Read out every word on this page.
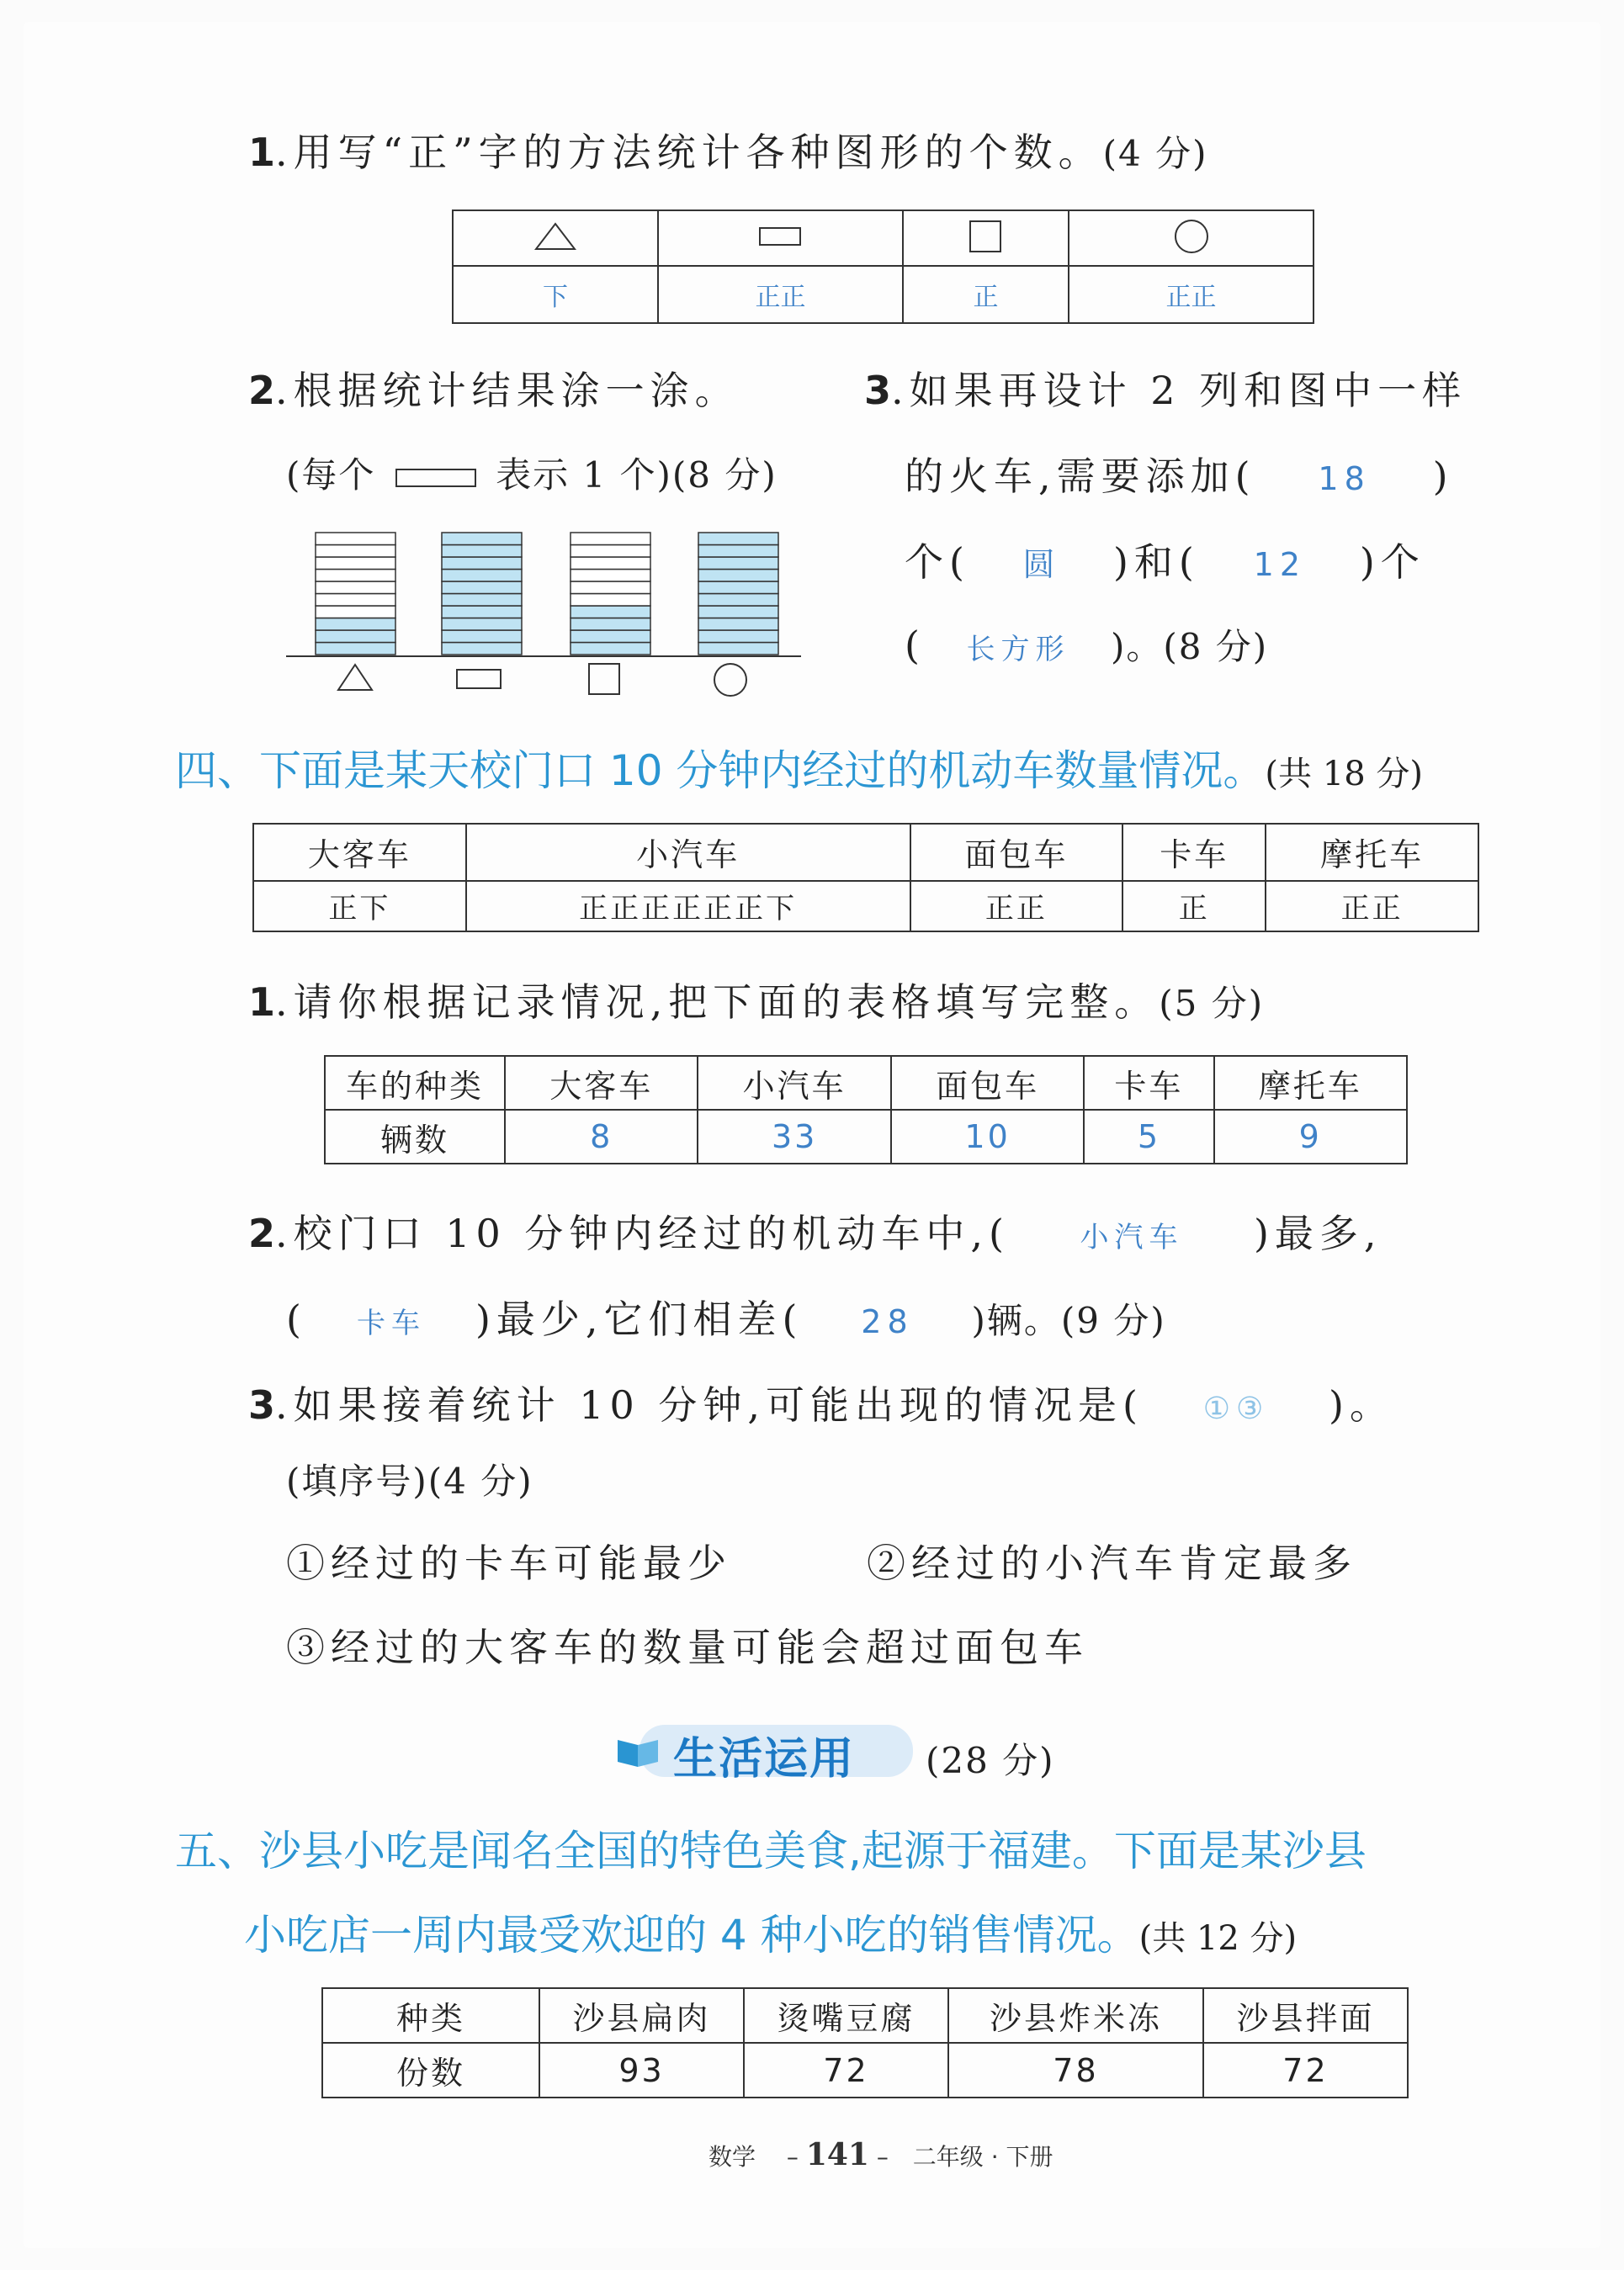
1.用写“正”字的方法统计各种图形的个数。(4 分)

下	正正	正	正正
2.根据统计结果涂一涂。
(每个	表示 1 个)(8 分)
3.如果再设计 2 列和图中一样
的火车,需要添加( 18 )
个( 圆 )和( 12 )个
( 长方形 )。(8 分)
四、下面是某天校门口 10 分钟内经过的机动车数量情况。(共 18 分)
大客车	小汽车	面包车	卡车	摩托车
正下	正正正正正正下	正正	正	正正
1.请你根据记录情况,把下面的表格填写完整。(5 分)
车的种类	大客车	小汽车	面包车	卡车	摩托车
辆数	8	33	10	5	9
2.校门口 10 分钟内经过的机动车中,( 小汽车 )最多,
( 卡车 )最少,它们相差( 28 )辆。(9 分)
3.如果接着统计 10 分钟,可能出现的情况是( ①③ )。
(填序号)(4 分)
①经过的卡车可能最少	②经过的小汽车肯定最多
③经过的大客车的数量可能会超过面包车
生活运用 (28 分)
五、沙县小吃是闻名全国的特色美食,起源于福建。下面是某沙县
小吃店一周内最受欢迎的 4 种小吃的销售情况。(共 12 分)
种类	沙县扁肉	烫嘴豆腐	沙县炸米冻	沙县拌面
份数	93	72	78	72
数学 – 141 – 二年级 · 下册
